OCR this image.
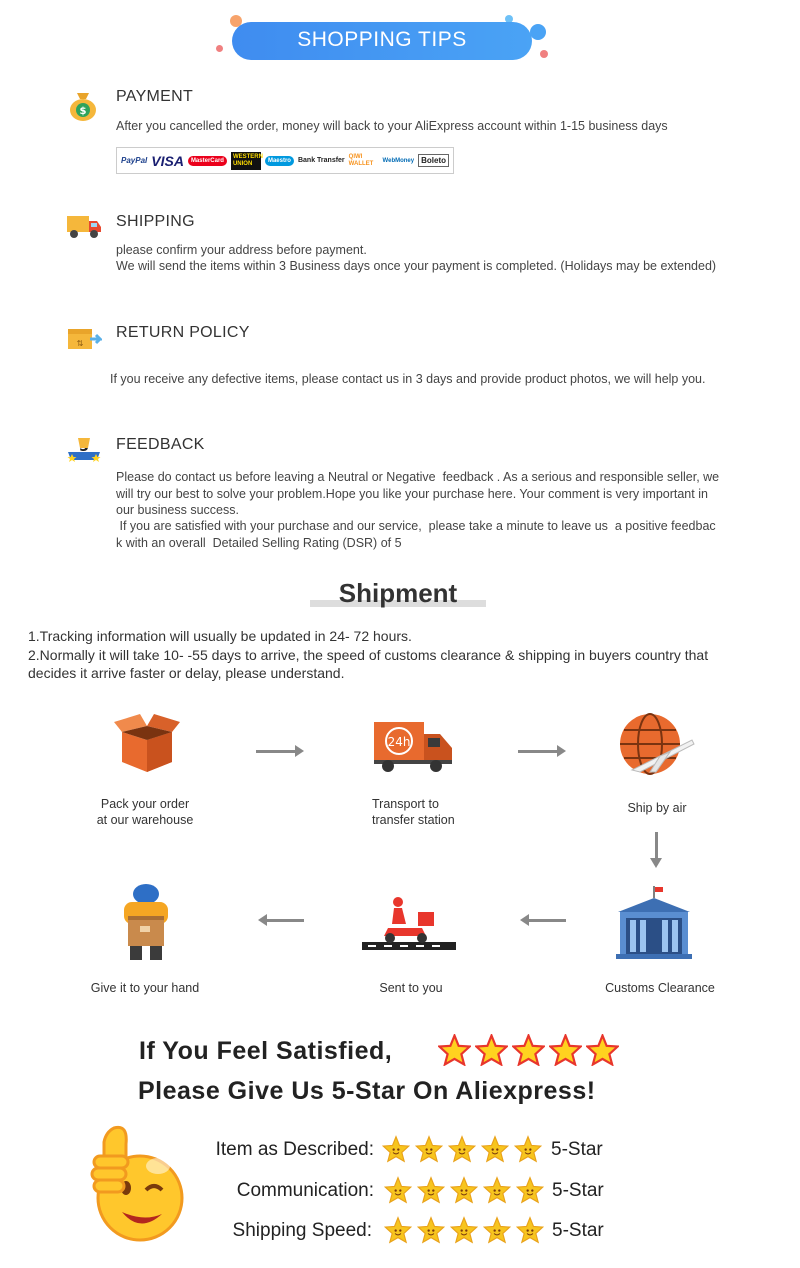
SHOPPING TIPS
$
PAYMENT
After you cancelled the order, money will back to your AliExpress account within 1-15 business days
PayPal VISA	MasterCard
WESTERN UNION	Maestro	Bank Transfer
QIWI WALLET	WebMoney Boleto
SHIPPING
please confirm your address before payment.
We will send the items within 3 Business days once your payment is completed. (Holidays may be extended)
⇅
RETURN POLICY
If you receive any defective items, please contact us in 3 days and provide product photos, we will help you.
FEEDBACK
Please do contact us before leaving a Neutral or Negative  feedback . As a serious and responsible seller, we
will try our best to solve your problem.Hope you like your purchase here. Your comment is very important in
our business success.
If you are satisfied with your purchase and our service,  please take a minute to leave us  a positive feedbac
k with an overall  Detailed Selling Rating (DSR) of 5
Shipment
1.Tracking information will usually be updated in 24- 72 hours.
2.Normally it will take 10- -55 days to arrive, the speed of customs clearance & shipping in buyers country that
decides it arrive faster or delay, please understand.
24h
Pack your order
at our warehouse
Transport to
transfer station
Ship by air
Customs Clearance
Sent to you
Give it to your hand
If You Feel Satisfied,
Please Give Us 5-Star On Aliexpress!
Item as Described:	5-Star
Communication:	5-Star
Shipping Speed:	5-Star
